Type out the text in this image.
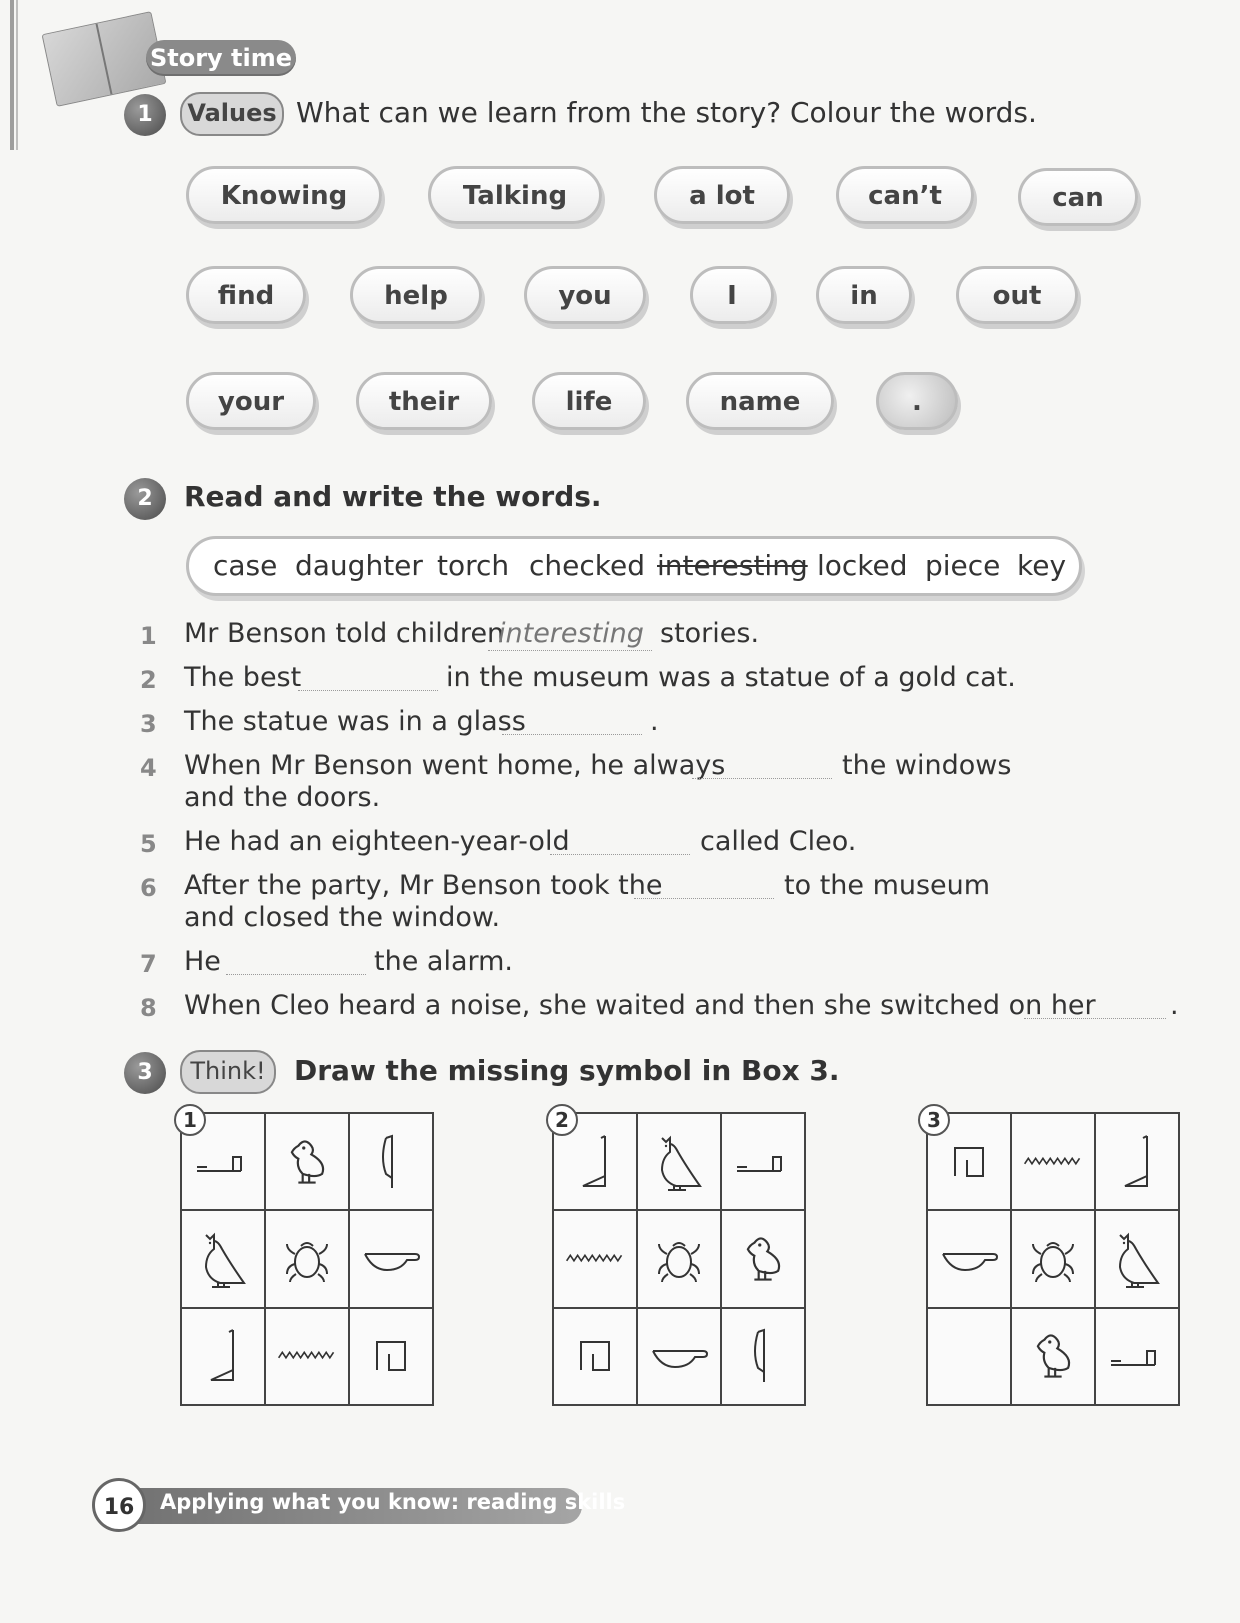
Story time
1	Values What can we learn from the story? Colour the words.
Knowing	Talking	a lot	can’t	can
find	help	you	I	in	out
your	their	life	name	.
2	Read and write the words.
case daughter torch checked interesting locked piece key
1 Mr Benson told children
interesting stories.
2 The best	in the museum was a statue of a gold cat.
3 The statue was in a glass	.
4 When Mr Benson went home, he always	the windows
and the doors.
5 He had an eighteen-year-old	called Cleo.
6 After the party, Mr Benson took the	to the museum
and closed the window.
7 He	the alarm.
8 When Cleo heard a noise, she waited and then she switched on her	.
3	Think!	Draw the missing symbol in Box 3.
1	2	3
16	Applying what you know: reading skills
